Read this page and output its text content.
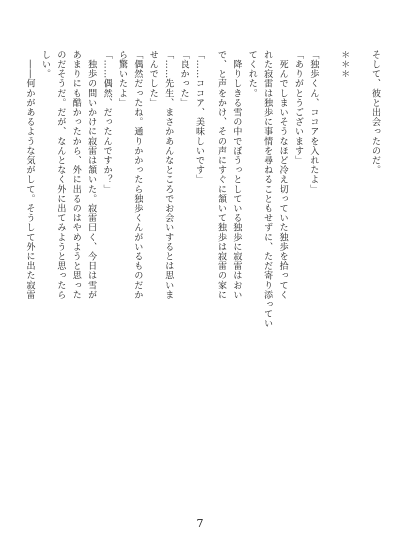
そして、彼と出会ったのだ。

＊＊＊

「独歩くん、ココアを入れたよ」

「ありがとうございます」

　死んでしまいそうなほど冷え切っていた独歩を拾ってく

れた寂雷は独歩に事情を尋ねることもせずに、ただ寄り添ってい

てくれた。

　降りしきる雪の中でぼうっとしている独歩に寂雷はおい

で、と声をかけ、その声にすぐに頷いて独歩は寂雷の家に

「……ココア、美味しいです」

「良かった」

「……先生、まさかあんなところでお会いするとは思いま

せんでした」

「偶然だったね。通りかかったら独歩くんがいるものだか

ら驚いたよ」

「……偶然、だったんですか？」

　独歩の問いかけに寂雷は頷いた。寂雷曰く、今日は雪が

あまりにも酷かったから、外に出るのはやめようと思った

のだそうだ。だが、なんとなく外に出てみようと思ったら

しい。

　――何かがあるような気がして。そうして外に出た寂雷

7
